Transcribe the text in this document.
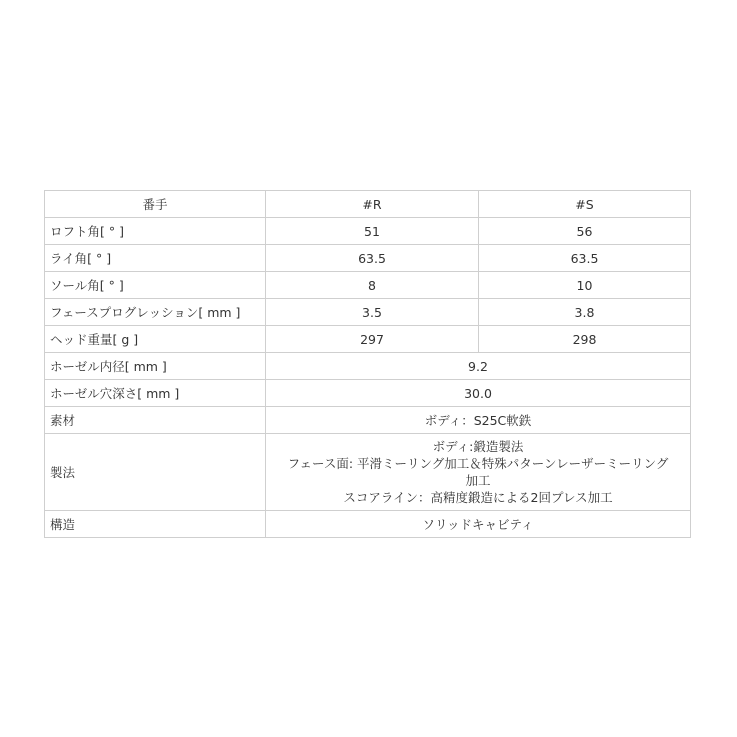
番手	#R	#S
ロフト角[ ° ]	51	56
ライ角[ ° ]	63.5	63.5
ソール角[ ° ]	8	10
フェースプログレッション[ mm ]	3.5	3.8
ヘッド重量[ g ]	297	298
ホーゼル内径[ mm ]	9.2	
ホーゼル穴深さ[ mm ]	30.0	
素材	ボディ：S25C軟鉄	
製法	ボディ:鍛造製法
フェース面: 平滑ミーリング加工＆特殊パターンレーザーミーリング
加工
スコアライン：高精度鍛造による2回プレス加工	

構造	ソリッドキャビティ	
